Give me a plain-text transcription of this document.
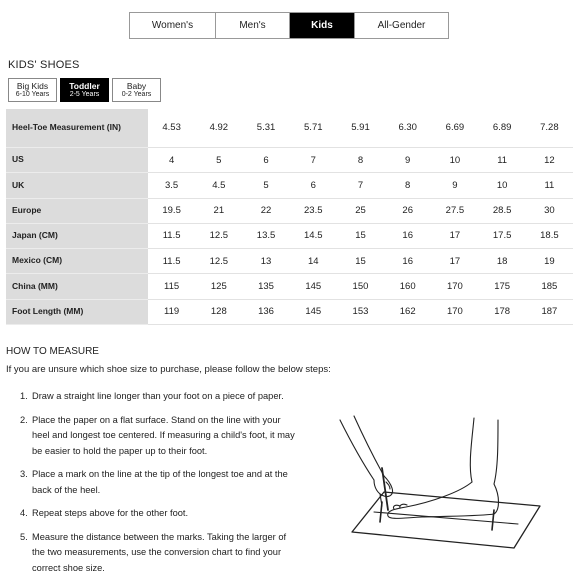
Women's	Men's	Kids	All-Gender
KIDS' SHOES
Big Kids
6-10 Years
Toddler
2-5 Years
Baby
0-2 Years
Heel-Toe Measurement (IN)	4.53	4.92	5.31	5.71	5.91	6.30	6.69	6.89	7.28
US	4	5	6	7	8	9	10	11	12
UK	3.5	4.5	5	6	7	8	9	10	11
Europe	19.5	21	22	23.5	25	26	27.5	28.5	30
Japan (CM)	11.5	12.5	13.5	14.5	15	16	17	17.5	18.5
Mexico (CM)	11.5	12.5	13	14	15	16	17	18	19
China (MM)	115	125	135	145	150	160	170	175	185
Foot Length (MM)	119	128	136	145	153	162	170	178	187
HOW TO MEASURE
If you are unsure which shoe size to purchase, please follow the below steps:
1. Draw a straight line longer than your foot on a piece of paper.
2. Place the paper on a flat surface. Stand on the line with your heel and longest toe centered. If measuring a child's foot, it may be easier to hold the paper up to their foot.
3. Place a mark on the line at the tip of the longest toe and at the back of the heel.
4. Repeat steps above for the other foot.
5. Measure the distance between the marks. Taking the larger of the two measurements, use the conversion chart to find your correct shoe size.
